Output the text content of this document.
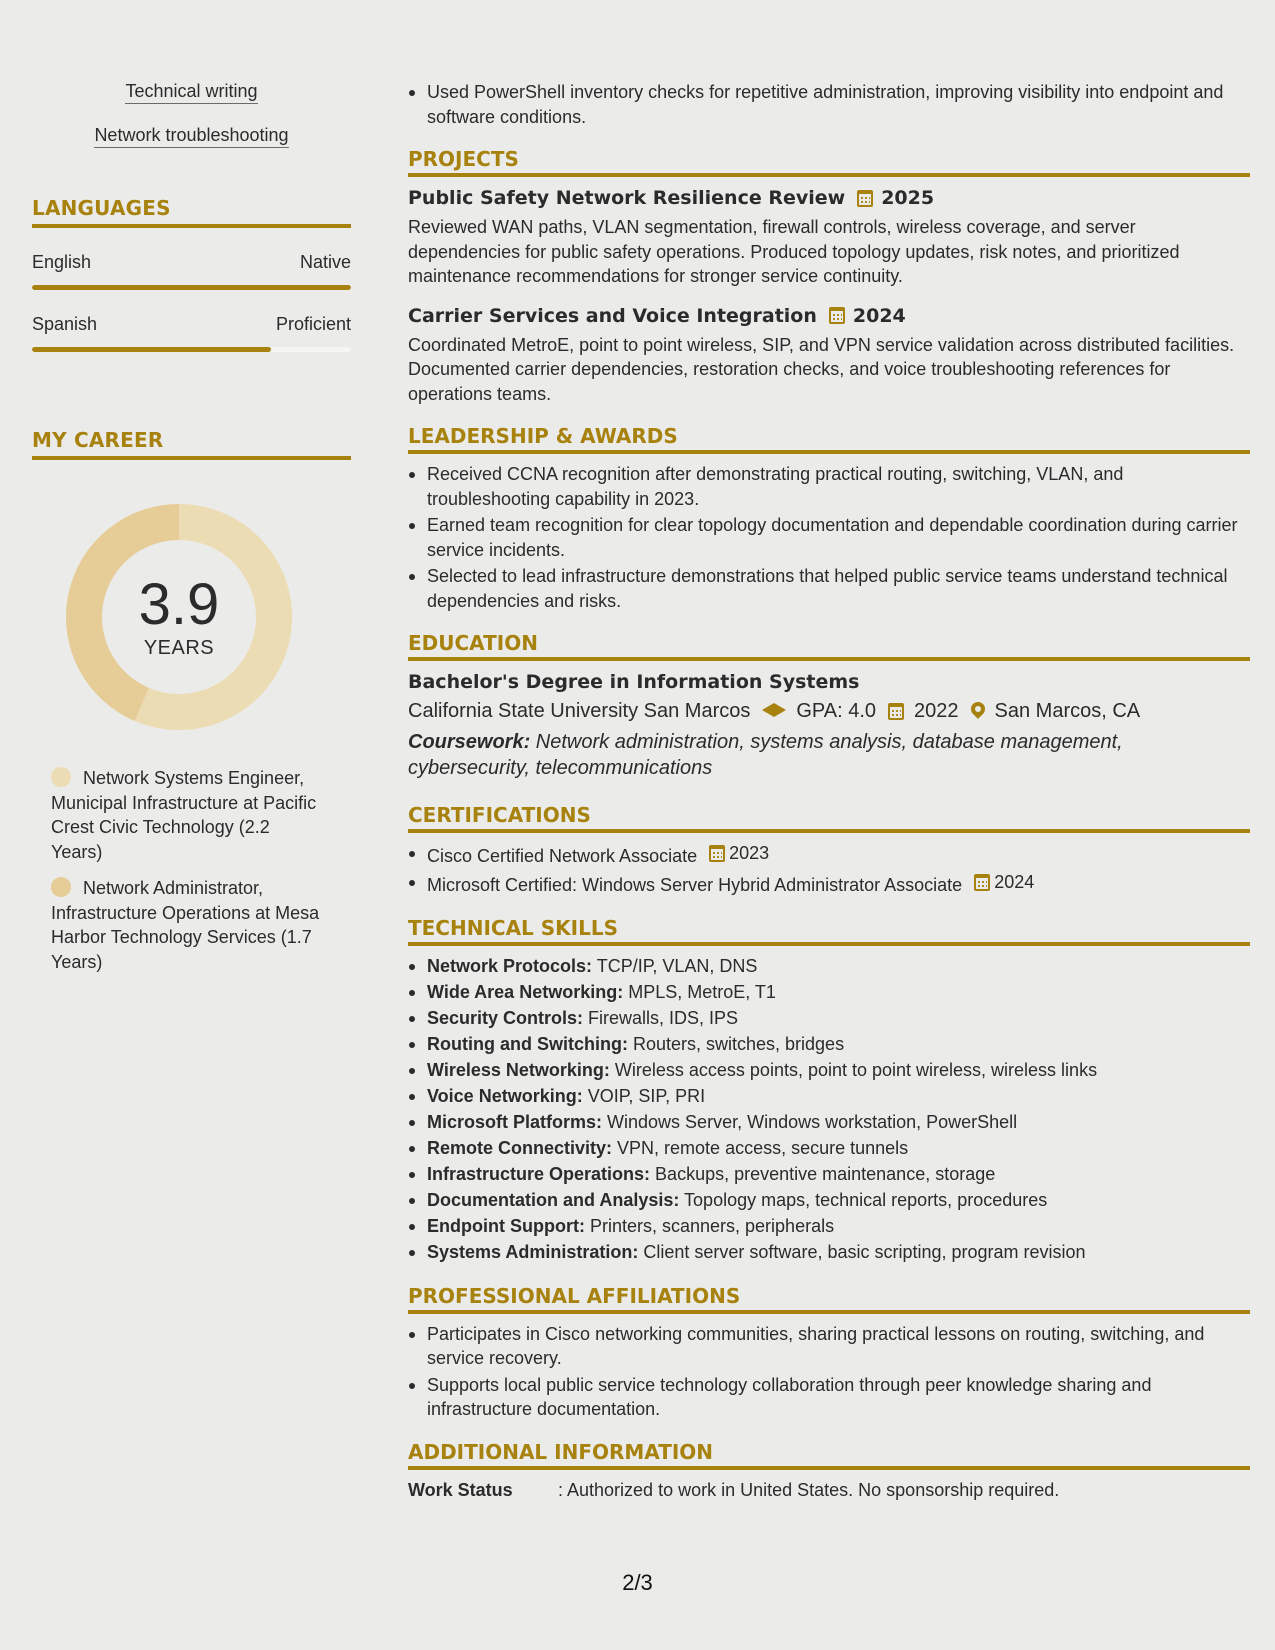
Technical writing
Network troubleshooting
LANGUAGES
English	Native
Spanish	Proficient
MY CAREER
3.9
YEARS
Network Systems Engineer, Municipal Infrastructure at Pacific Crest Civic Technology (2.2 Years)
Network Administrator, Infrastructure Operations at Mesa Harbor Technology Services (1.7 Years)
Used PowerShell inventory checks for repetitive administration, improving visibility into endpoint and software conditions.
PROJECTS
Public Safety Network Resilience Review 2025
Reviewed WAN paths, VLAN segmentation, firewall controls, wireless coverage, and server dependencies for public safety operations. Produced topology updates, risk notes, and prioritized maintenance recommendations for stronger service continuity.
Carrier Services and Voice Integration 2024
Coordinated MetroE, point to point wireless, SIP, and VPN service validation across distributed facilities. Documented carrier dependencies, restoration checks, and voice troubleshooting references for operations teams.
LEADERSHIP & AWARDS
Received CCNA recognition after demonstrating practical routing, switching, VLAN, and troubleshooting capability in 2023.
Earned team recognition for clear topology documentation and dependable coordination during carrier service incidents.
Selected to lead infrastructure demonstrations that helped public service teams understand technical dependencies and risks.
EDUCATION
Bachelor's Degree in Information Systems
California State University San Marcos GPA: 4.0 2022 San Marcos, CA
Coursework: Network administration, systems analysis, database management, cybersecurity, telecommunications
CERTIFICATIONS
Cisco Certified Network Associate 2023
Microsoft Certified: Windows Server Hybrid Administrator Associate 2024
TECHNICAL SKILLS
Network Protocols: TCP/IP, VLAN, DNS
Wide Area Networking: MPLS, MetroE, T1
Security Controls: Firewalls, IDS, IPS
Routing and Switching: Routers, switches, bridges
Wireless Networking: Wireless access points, point to point wireless, wireless links
Voice Networking: VOIP, SIP, PRI
Microsoft Platforms: Windows Server, Windows workstation, PowerShell
Remote Connectivity: VPN, remote access, secure tunnels
Infrastructure Operations: Backups, preventive maintenance, storage
Documentation and Analysis: Topology maps, technical reports, procedures
Endpoint Support: Printers, scanners, peripherals
Systems Administration: Client server software, basic scripting, program revision
PROFESSIONAL AFFILIATIONS
Participates in Cisco networking communities, sharing practical lessons on routing, switching, and service recovery.
Supports local public service technology collaboration through peer knowledge sharing and infrastructure documentation.
ADDITIONAL INFORMATION
Work Status	: Authorized to work in United States. No sponsorship required.
2/3
